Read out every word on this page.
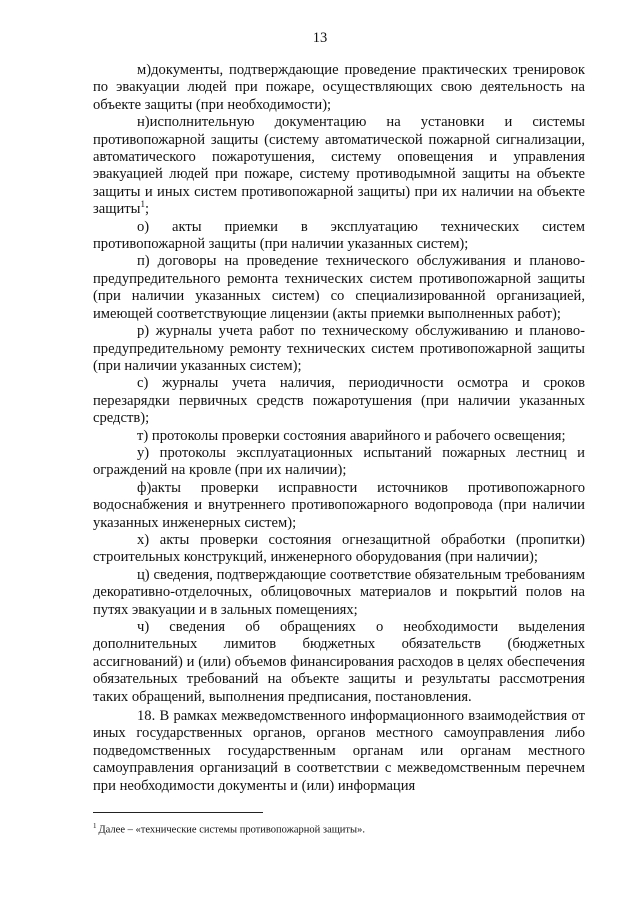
13

м)документы, подтверждающие проведение практических тренировок по эвакуации людей при пожаре, осуществляющих свою деятельность на объекте защиты (при необходимости);

н)исполнительную документацию на установки и системы противопожарной защиты (систему автоматической пожарной сигнализации, автоматического пожаротушения, систему оповещения и управления эвакуацией людей при пожаре, систему противодымной защиты на объекте защиты и иных систем противопожарной защиты) при их наличии на объекте защиты$^1$;

о) акты приемки в эксплуатацию технических систем противопожарной защиты (при наличии указанных систем);

п) договоры на проведение технического обслуживания и планово-предупредительного ремонта технических систем противопожарной защиты (при наличии указанных систем) со специализированной организацией, имеющей соответствующие лицензии (акты приемки выполненных работ);

р) журналы учета работ по техническому обслуживанию и планово-предупредительному ремонту технических систем противопожарной защиты (при наличии указанных систем);

с) журналы учета наличия, периодичности осмотра и сроков перезарядки первичных средств пожаротушения (при наличии указанных средств);

т) протоколы проверки состояния аварийного и рабочего освещения;

у) протоколы эксплуатационных испытаний пожарных лестниц и ограждений на кровле (при их наличии);

ф)акты проверки исправности источников противопожарного водоснабжения и внутреннего противопожарного водопровода (при наличии указанных инженерных систем);

х) акты проверки состояния огнезащитной обработки (пропитки) строительных конструкций, инженерного оборудования (при наличии);

ц) сведения, подтверждающие соответствие обязательным требованиям декоративно-отделочных, облицовочных материалов и покрытий полов на путях эвакуации и в зальных помещениях;

ч) сведения об обращениях о необходимости выделения дополнительных лимитов бюджетных обязательств (бюджетных ассигнований) и (или) объемов финансирования расходов в целях обеспечения обязательных требований на объекте защиты и результаты рассмотрения таких обращений, выполнения предписания, постановления.

18. В рамках межведомственного информационного взаимодействия от иных государственных органов, органов местного самоуправления либо подведомственных государственным органам или органам местного самоуправления организаций в соответствии с межведомственным перечнем при необходимости документы и (или) информация

$^1$ Далее – «технические системы противопожарной защиты».
